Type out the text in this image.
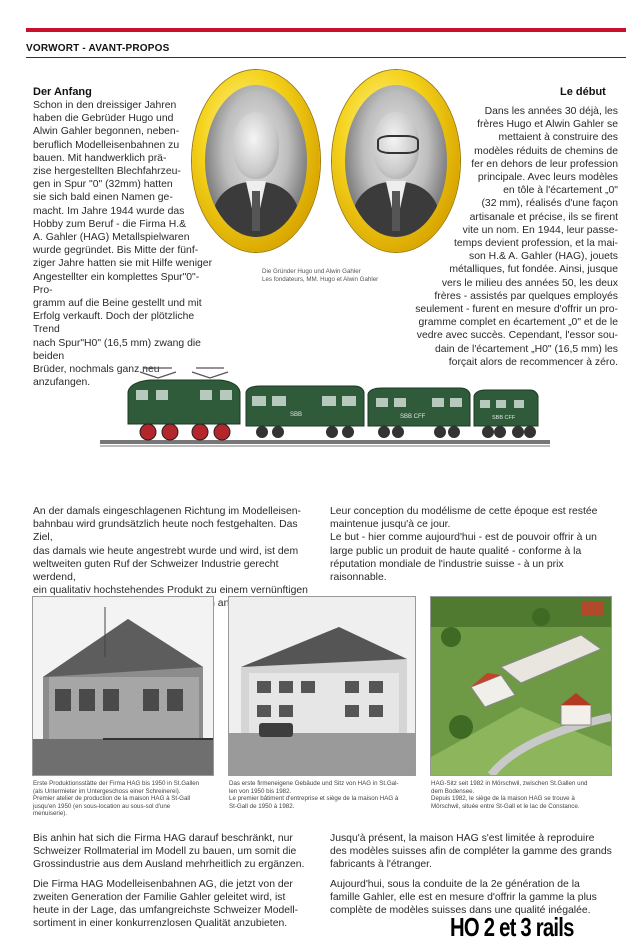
VORWORT - AVANT-PROPOS
Der Anfang
Schon in den dreissiger Jahren
haben die Gebrüder Hugo und
Alwin Gahler begonnen, neben-
beruflich Modelleisenbahnen zu
bauen. Mit handwerklich prä-
zise hergestellten Blechfahrzeu-
gen in Spur "0" (32mm) hatten
sie sich bald einen Namen ge-
macht. Im Jahre 1944 wurde das
Hobby zum Beruf - die Firma H.&
A. Gahler (HAG) Metallspielwaren
wurde gegründet. Bis Mitte der fünf-
ziger Jahre hatten sie mit Hilfe weniger
Angestellter ein komplettes Spur"0"- Pro-
gramm auf die Beine gestellt und mit
Erfolg verkauft. Doch der plötzliche Trend
nach Spur"H0" (16,5 mm) zwang die beiden
Brüder, nochmals ganz neu anzufangen.
Die Gründer Hugo und Alwin Gahler
Les fondateurs, MM. Hugo et Alwin Gahler
Le début
Dans les années 30 déjà, les
frères Hugo et Alwin Gahler se
mettaient à construire des
modèles réduits de chemins de
fer en dehors de leur profession
principale. Avec leurs modèles
en tôle à l'écartement „0"
(32 mm), réalisés d'une façon
artisanale et précise, ils se firent
vite un nom. En 1944, leur passe-
temps devient profession, et la mai-
son H.& A. Gahler (HAG), jouets
métalliques, fut fondée. Ainsi, jusque
vers le milieu des années 50, les deux
frères - assistés par quelques employés
seulement - furent en mesure d'offrir un pro-
gramme complet en écartement „0" et de le
vedre avec succès. Cependant, l'essor sou-
dain de l'écartement „H0" (16,5 mm) les
forçait alors de recommencer à zéro.
SBB	SBB CFF	SBB CFF
An der damals eingeschlagenen Richtung im Modelleisen-
bahnbau wird grundsätzlich heute noch festgehalten. Das Ziel,
das damals wie heute angestrebt wurde und wird, ist dem
weltweiten guten Ruf der Schweizer Industrie gerecht werdend,
ein qualitativ hochstehendes Produkt zu einem vernünftigen
Leur conception du modélisme de cette époque est restée
maintenue jusqu'à ce jour.
Le but - hier comme aujourd'hui - est de pouvoir offrir à un
large public un produit de haute qualité - conforme à la
réputation mondiale de l'industrie suisse - à un prix
raisonnable.
Erste Produktionsstätte der Firma HAG bis 1950 in St.Gallen
(als Untermieter im Untergeschoss einer Schreinerei).
Premier atelier de production de la maison HAG à St-Gall
jusqu'en 1950 (en sous-location au sous-sol d'une
menuiserie).
Das erste firmeneigene Gebäude und Sitz von HAG in St.Gal-
len von 1950 bis 1982.
Le premier bâtiment d'entreprise et siège de la maison HAG à
St-Gall de 1950 à 1982.
HAG-Sitz seit 1982 in Mörschwil, zwischen St.Gallen und
dem Bodensee.
Depuis 1982, le siège de la maison HAG se trouve à
Mörschwil, située entre St-Gall et le lac de Constance.
Bis anhin hat sich die Firma HAG darauf beschränkt, nur
Schweizer Rollmaterial im Modell zu bauen, um somit die
Grossindustrie aus dem Ausland mehrheitlich zu ergänzen.
Die Firma HAG Modelleisenbahnen AG, die jetzt von der
zweiten Generation der Familie Gahler geleitet wird, ist
heute in der Lage, das umfangreichste Schweizer Modell-
sortiment in einer konkurrenzlosen Qualität anzubieten.
Jusqu'à présent, la maison HAG s'est limitée à reproduire
des modèles suisses afin de compléter la gamme des grands
fabricants à l'étranger.
Aujourd'hui, sous la conduite de la 2e génération de la
famille Gahler, elle est en mesure d'offrir la gamme la plus
complète de modèles suisses dans une qualité inégalée.
HO 2 et 3 rails
